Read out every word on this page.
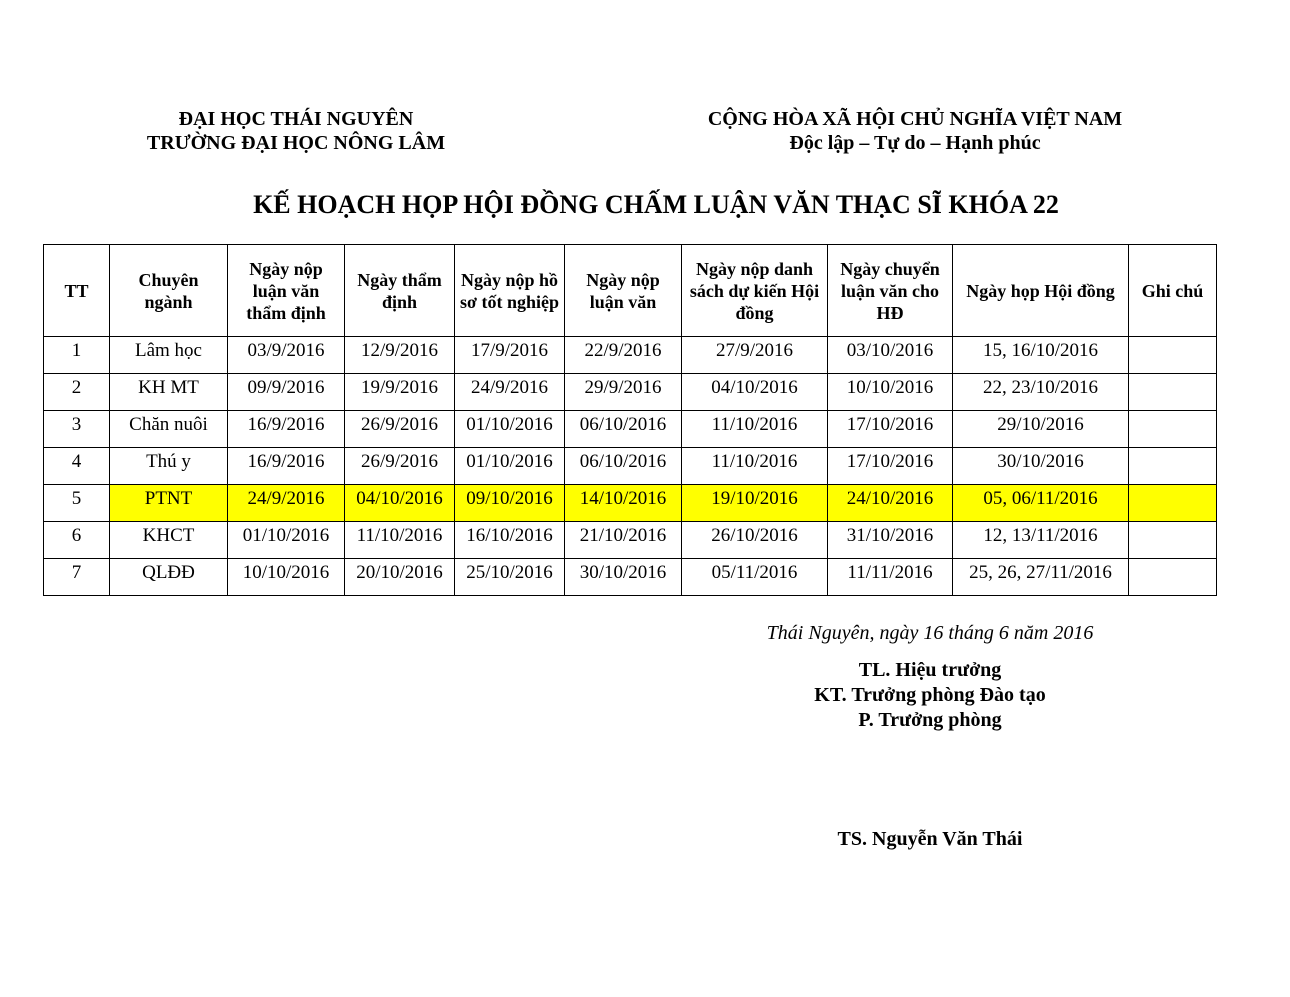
ĐẠI HỌC THÁI NGUYÊN
TRƯỜNG ĐẠI HỌC NÔNG LÂM
CỘNG HÒA XÃ HỘI CHỦ NGHĨA VIỆT NAM
Độc lập – Tự do – Hạnh phúc
KẾ HOẠCH HỌP HỘI ĐỒNG CHẤM LUẬN VĂN THẠC SĨ KHÓA 22
TT	Chuyên ngành	Ngày nộp luận văn thẩm định	Ngày thẩm định	Ngày nộp hồ sơ tốt nghiệp	Ngày nộp luận văn	Ngày nộp danh sách dự kiến Hội đồng	Ngày chuyển luận văn cho HĐ	Ngày họp Hội đồng	Ghi chú
1	Lâm học	03/9/2016	12/9/2016	17/9/2016	22/9/2016	27/9/2016	03/10/2016	15, 16/10/2016	
2	KH MT	09/9/2016	19/9/2016	24/9/2016	29/9/2016	04/10/2016	10/10/2016	22, 23/10/2016	
3	Chăn nuôi	16/9/2016	26/9/2016	01/10/2016	06/10/2016	11/10/2016	17/10/2016	29/10/2016	
4	Thú y	16/9/2016	26/9/2016	01/10/2016	06/10/2016	11/10/2016	17/10/2016	30/10/2016	
5	PTNT	24/9/2016	04/10/2016	09/10/2016	14/10/2016	19/10/2016	24/10/2016	05, 06/11/2016	
6	KHCT	01/10/2016	11/10/2016	16/10/2016	21/10/2016	26/10/2016	31/10/2016	12, 13/11/2016	
7	QLĐĐ	10/10/2016	20/10/2016	25/10/2016	30/10/2016	05/11/2016	11/11/2016	25, 26, 27/11/2016	
Thái Nguyên, ngày 16 tháng 6 năm 2016
TL. Hiệu trưởng
KT. Trưởng phòng Đào tạo
P. Trưởng phòng
TS. Nguyễn Văn Thái
